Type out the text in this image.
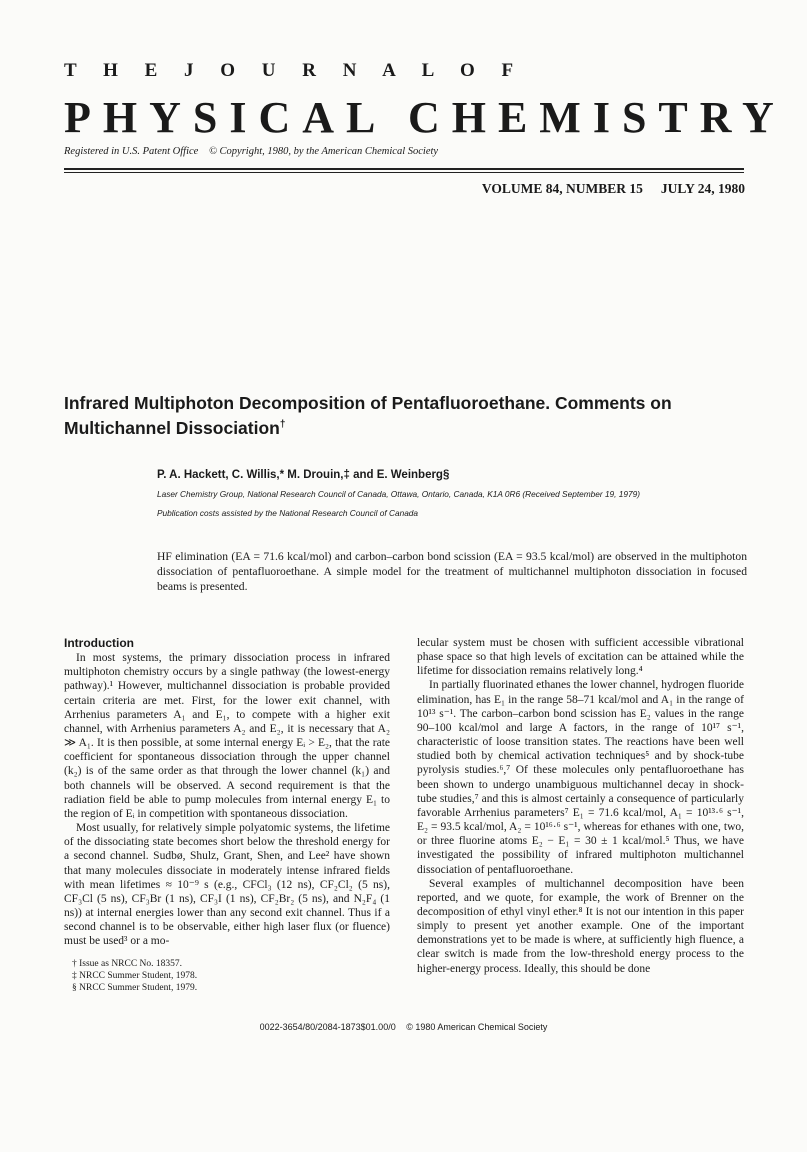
T H E J O U R N A L O F
PHYSICAL CHEMISTRY
Registered in U.S. Patent Office © Copyright, 1980, by the American Chemical Society
VOLUME 84, NUMBER 15 JULY 24, 1980
Infrared Multiphoton Decomposition of Pentafluoroethane. Comments on Multichannel Dissociation†
P. A. Hackett, C. Willis,* M. Drouin,‡ and E. Weinberg§
Laser Chemistry Group, National Research Council of Canada, Ottawa, Ontario, Canada, K1A 0R6 (Received September 19, 1979)
Publication costs assisted by the National Research Council of Canada
HF elimination (EA = 71.6 kcal/mol) and carbon–carbon bond scission (EA = 93.5 kcal/mol) are observed in the multiphoton dissociation of pentafluoroethane. A simple model for the treatment of multichannel multiphoton dissociation in focused beams is presented.
Introduction

In most systems, the primary dissociation process in infrared multiphoton chemistry occurs by a single pathway (the lowest-energy pathway).¹ However, multichannel dissociation is probable provided certain criteria are met. First, for the lower exit channel, with Arrhenius parameters A₁ and E₁, to compete with a higher exit channel, with Arrhenius parameters A₂ and E₂, it is necessary that A₂ ≫ A₁. It is then possible, at some internal energy Eᵢ > E₂, that the rate coefficient for spontaneous dissociation through the upper channel (k₂) is of the same order as that through the lower channel (k₁) and both channels will be observed. A second requirement is that the radiation field be able to pump molecules from internal energy E₁ to the region of Eᵢ in competition with spontaneous dissociation.

Most usually, for relatively simple polyatomic systems, the lifetime of the dissociating state becomes short below the threshold energy for a second channel. Sudbø, Shulz, Grant, Shen, and Lee² have shown that many molecules dissociate in moderately intense infrared fields with mean lifetimes ≈ 10⁻⁹ s (e.g., CFCl₃ (12 ns), CF₂Cl₂ (5 ns), CF₃Cl (5 ns), CF₃Br (1 ns), CF₃I (1 ns), CF₂Br₂ (5 ns), and N₂F₄ (1 ns)) at internal energies lower than any second exit channel. Thus if a second channel is to be observable, either high laser flux (or fluence) must be used³ or a mo-

† Issue as NRCC No. 18357.
‡ NRCC Summer Student, 1978.
§ NRCC Summer Student, 1979.

lecular system must be chosen with sufficient accessible vibrational phase space so that high levels of excitation can be attained while the lifetime for dissociation remains relatively long.⁴

In partially fluorinated ethanes the lower channel, hydrogen fluoride elimination, has E₁ in the range 58–71 kcal/mol and A₁ in the range of 10¹³ s⁻¹. The carbon–carbon bond scission has E₂ values in the range 90–100 kcal/mol and large A factors, in the range of 10¹⁷ s⁻¹, characteristic of loose transition states. The reactions have been well studied both by chemical activation techniques⁵ and by shock-tube pyrolysis studies.⁶,⁷ Of these molecules only pentafluoroethane has been shown to undergo unambiguous multichannel decay in shock-tube studies,⁷ and this is almost certainly a consequence of particularly favorable Arrhenius parameters⁷ E₁ = 71.6 kcal/mol, A₁ = 10¹³·⁶ s⁻¹, E₂ = 93.5 kcal/mol, A₂ = 10¹⁶·⁶ s⁻¹, whereas for ethanes with one, two, or three fluorine atoms E₂ − E₁ = 30 ± 1 kcal/mol.⁵ Thus, we have investigated the possibility of infrared multiphoton multichannel dissociation of pentafluoroethane.

Several examples of multichannel decomposition have been reported, and we quote, for example, the work of Brenner on the decomposition of ethyl vinyl ether.⁸ It is not our intention in this paper simply to present yet another example. One of the important demonstrations yet to be made is where, at sufficiently high fluence, a clear switch is made from the low-threshold energy process to the higher-energy process. Ideally, this should be done

0022-3654/80/2084-1873$01.00/0 © 1980 American Chemical Society
